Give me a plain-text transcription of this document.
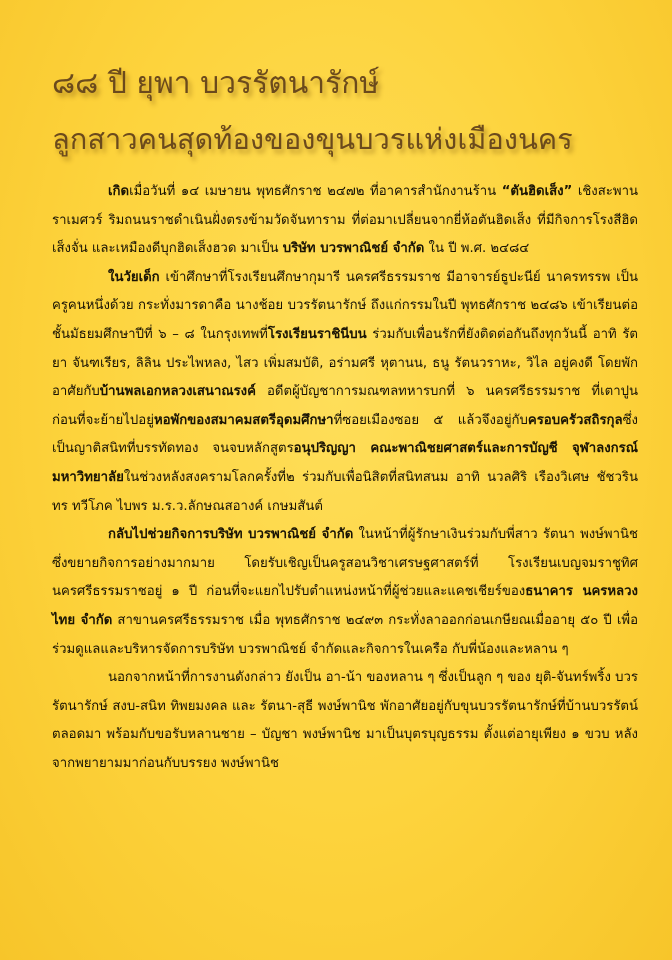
๘๘ ปี ยุพา บวรรัตนารักษ์
ลูกสาวคนสุดท้องของขุนบวรแห่งเมืองนคร

เกิดเมื่อวันที่ ๑๔ เมษายน พุทธศักราช ๒๔๗๒ ที่อาคารสำนักงานร้าน “ตันฮิดเส็ง” เชิงสะพานราเมศวร์ ริมถนนราชดำเนินฝั่งตรงข้ามวัดจันทาราม ที่ต่อมาเปลี่ยนจากยี่ห้อตันฮิดเส็ง ที่มีกิจการโรงสีฮิดเส็งจั่น และเหมืองดีบุกฮิดเส็งฮวด มาเป็น บริษัท บวรพาณิชย์ จำกัด ใน ปี พ.ศ. ๒๔๘๔

ในวัยเด็ก เข้าศึกษาที่โรงเรียนศึกษากุมารี นครศรีธรรมราช มีอาจารย์ธูปะนีย์ นาครทรรพ เป็นครูคนหนึ่งด้วย กระทั่งมารดาคือ นางช้อย บวรรัตนารักษ์ ถึงแก่กรรมในปี พุทธศักราช ๒๔๘๖ เข้าเรียนต่อชั้นมัธยมศึกษาปีที่ ๖ – ๘ ในกรุงเทพที่โรงเรียนราชินีบน ร่วมกับเพื่อนรักที่ยังติดต่อกันถึงทุกวันนี้ อาทิ รัตยา จันฑเรียร, ลิลิน ประไพหลง, ไสว เพิ่มสมบัติ, อร่ามศรี หุตานน, ธนู รัตนวราหะ, วิไล อยู่คงดี โดยพักอาศัยกับบ้านพลเอกหลวงเสนาณรงค์ อดีตผู้บัญชาการมณฑลทหารบกที่ ๖ นครศรีธรรมราช ที่เตาปูน ก่อนที่จะย้ายไปอยู่หอพักของสมาคมสตรีอุดมศึกษาที่ซอยเมืองซอย ๕ แล้วจึงอยู่กับครอบครัวสถิรกุลซึ่งเป็นญาติสนิทที่บรรทัดทอง จนจบหลักสูตรอนุปริญญา คณะพาณิชยศาสตร์และการบัญชี จุฬาลงกรณ์มหาวิทยาลัยในช่วงหลังสงครามโลกครั้งที่๒ ร่วมกับเพื่อนิสิตที่สนิทสนม อาทิ นวลศิริ เรืองวิเศษ ชัชวรินทร ทวีโภค ไบพร ม.ร.ว.ลักษณสอางค์ เกษมสันต์

กลับไปช่วยกิจการบริษัท บวรพาณิชย์ จำกัด ในหน้าที่ผู้รักษาเงินร่วมกับพี่สาว รัตนา พงษ์พานิช ซึ่งขยายกิจการอย่างมากมาย โดยรับเชิญเป็นครูสอนวิชาเศรษฐศาสตร์ที่ โรงเรียนเบญจมราชูทิศ นครศรีธรรมราชอยู่ ๑ ปี ก่อนที่จะแยกไปรับตำแหน่งหน้าที่ผู้ช่วยและแคชเชียร์ของธนาคาร นครหลวงไทย จำกัด สาขานครศรีธรรมราช เมื่อ พุทธศักราช ๒๔๙๓ กระทั่งลาออกก่อนเกษียณเมื่ออายุ ๕๐ ปี เพื่อร่วมดูแลและบริหารจัดการบริษัท บวรพาณิชย์ จำกัดและกิจการในเครือ กับพี่น้องและหลาน ๆ

นอกจากหน้าที่การงานดังกล่าว ยังเป็น อา-น้า ของหลาน ๆ ซึ่งเป็นลูก ๆ ของ ยุติ-จันทร์พริ้ง บวรรัตนารักษ์ สงบ-สนิท ทิพยมงคล และ รัตนา-สุธี พงษ์พานิช พักอาศัยอยู่กับขุนบวรรัตนารักษ์ที่บ้านบวรรัตน์ตลอดมา พร้อมกับขอรับหลานชาย – บัญชา พงษ์พานิช มาเป็นบุตรบุญธรรม ตั้งแต่อายุเพียง ๑ ขวบ หลังจากพยายามมาก่อนกับบรรยง พงษ์พานิช
